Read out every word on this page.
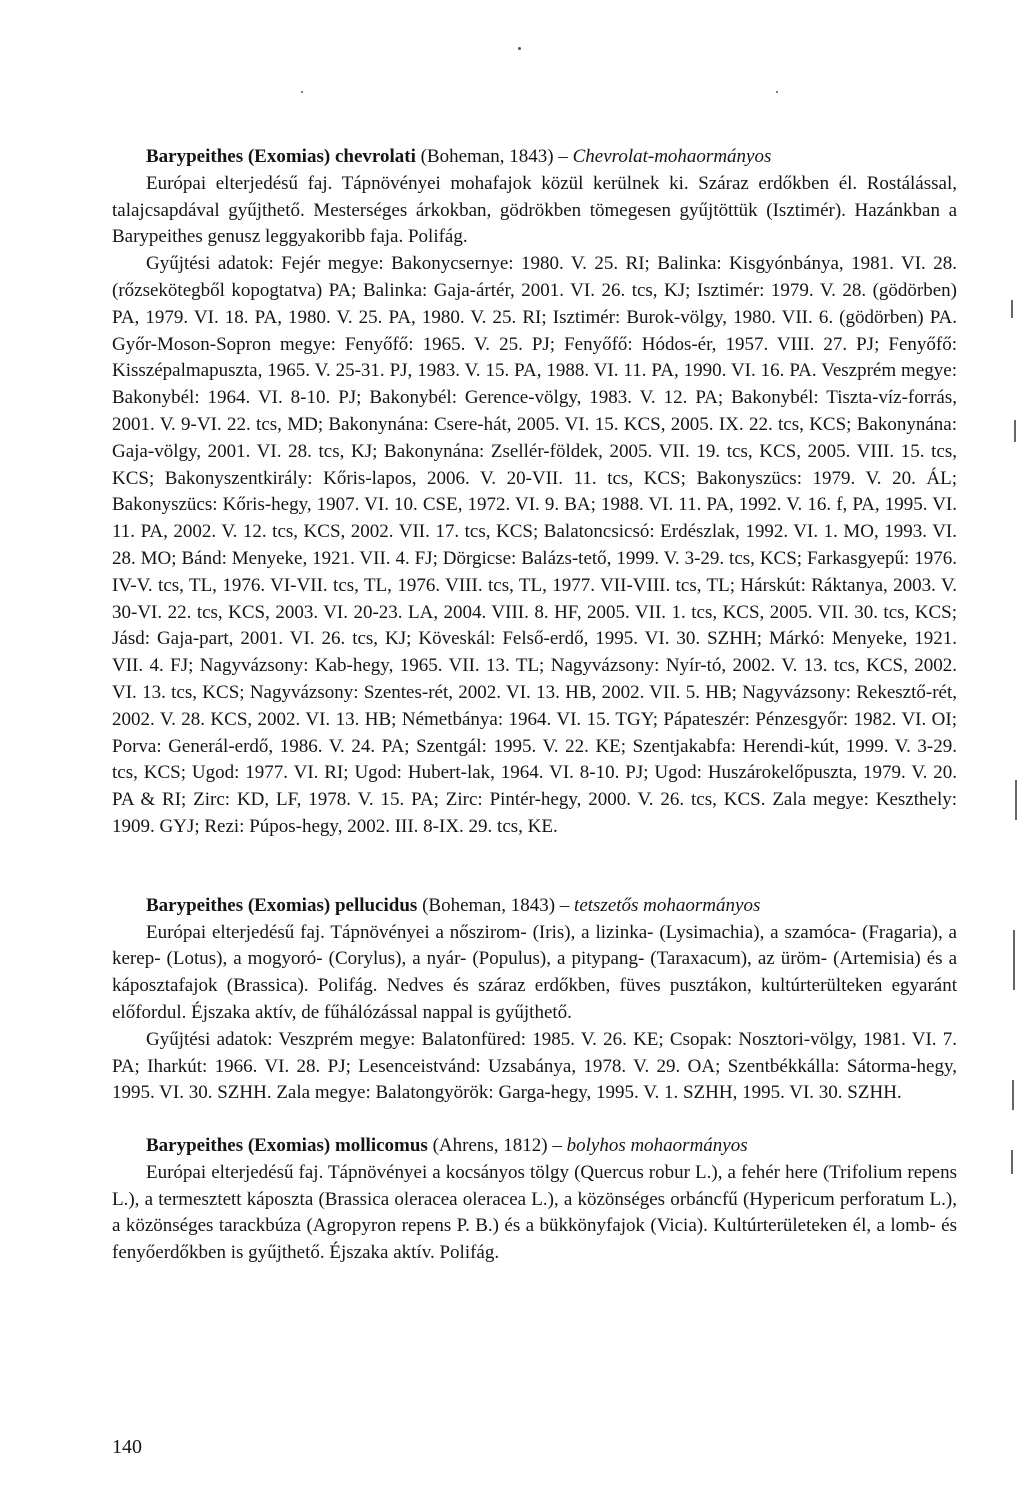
Barypeithes (Exomias) chevrolati (Boheman, 1843) – Chevrolat-mohaormányos

Európai elterjedésű faj. Tápnövényei mohafajok közül kerülnek ki. Száraz erdőkben él. Rostálással, talajcsapdával gyűjthető. Mesterséges árkokban, gödrökben tömegesen gyűjtöttük (Isztimér). Hazánkban a Barypeithes genusz leggyakoribb faja. Polifág.

Gyűjtési adatok: Fejér megye: Bakonycsernye: 1980. V. 25. RI; Balinka: Kisgyónbánya, 1981. VI. 28. (rőzsekötegből kopogtatva) PA; Balinka: Gaja-ártér, 2001. VI. 26. tcs, KJ; Isztimér: 1979. V. 28. (gödörben) PA, 1979. VI. 18. PA, 1980. V. 25. PA, 1980. V. 25. RI; Isztimér: Burok-völgy, 1980. VII. 6. (gödörben) PA. Győr-Moson-Sopron megye: Fenyőfő: 1965. V. 25. PJ; Fenyőfő: Hódos-ér, 1957. VIII. 27. PJ; Fenyőfő: Kisszépalmapuszta, 1965. V. 25-31. PJ, 1983. V. 15. PA, 1988. VI. 11. PA, 1990. VI. 16. PA. Veszprém megye: Bakonybél: 1964. VI. 8-10. PJ; Bakonybél: Gerence-völgy, 1983. V. 12. PA; Bakonybél: Tiszta-víz-forrás, 2001. V. 9-VI. 22. tcs, MD; Bakonynána: Csere-hát, 2005. VI. 15. KCS, 2005. IX. 22. tcs, KCS; Bakonynána: Gaja-völgy, 2001. VI. 28. tcs, KJ; Bakonynána: Zsellér-földek, 2005. VII. 19. tcs, KCS, 2005. VIII. 15. tcs, KCS; Bakonyszentkirály: Kőris-lapos, 2006. V. 20-VII. 11. tcs, KCS; Bakonyszücs: 1979. V. 20. ÁL; Bakonyszücs: Kőris-hegy, 1907. VI. 10. CSE, 1972. VI. 9. BA; 1988. VI. 11. PA, 1992. V. 16. f, PA, 1995. VI. 11. PA, 2002. V. 12. tcs, KCS, 2002. VII. 17. tcs, KCS; Balatoncsicsó: Erdészlak, 1992. VI. 1. MO, 1993. VI. 28. MO; Bánd: Menyeke, 1921. VII. 4. FJ; Dörgicse: Balázs-tető, 1999. V. 3-29. tcs, KCS; Farkasgyepű: 1976. IV-V. tcs, TL, 1976. VI-VII. tcs, TL, 1976. VIII. tcs, TL, 1977. VII-VIII. tcs, TL; Hárskút: Ráktanya, 2003. V. 30-VI. 22. tcs, KCS, 2003. VI. 20-23. LA, 2004. VIII. 8. HF, 2005. VII. 1. tcs, KCS, 2005. VII. 30. tcs, KCS; Jásd: Gaja-part, 2001. VI. 26. tcs, KJ; Köveskál: Felső-erdő, 1995. VI. 30. SZHH; Márkó: Menyeke, 1921. VII. 4. FJ; Nagyvázsony: Kab-hegy, 1965. VII. 13. TL; Nagyvázsony: Nyír-tó, 2002. V. 13. tcs, KCS, 2002. VI. 13. tcs, KCS; Nagyvázsony: Szentes-rét, 2002. VI. 13. HB, 2002. VII. 5. HB; Nagyvázsony: Rekesztő-rét, 2002. V. 28. KCS, 2002. VI. 13. HB; Németbánya: 1964. VI. 15. TGY; Pápateszér: Pénzesgyőr: 1982. VI. OI; Porva: Generál-erdő, 1986. V. 24. PA; Szentgál: 1995. V. 22. KE; Szentjakabfa: Herendi-kút, 1999. V. 3-29. tcs, KCS; Ugod: 1977. VI. RI; Ugod: Hubert-lak, 1964. VI. 8-10. PJ; Ugod: Huszárokelőpuszta, 1979. V. 20. PA & RI; Zirc: KD, LF, 1978. V. 15. PA; Zirc: Pintér-hegy, 2000. V. 26. tcs, KCS. Zala megye: Keszthely: 1909. GYJ; Rezi: Púpos-hegy, 2002. III. 8-IX. 29. tcs, KE.

Barypeithes (Exomias) pellucidus (Boheman, 1843) – tetszetős mohaormányos

Európai elterjedésű faj. Tápnövényei a nőszirom- (Iris), a lizinka- (Lysimachia), a szamóca- (Fragaria), a kerep- (Lotus), a mogyoró- (Corylus), a nyár- (Populus), a pitypang- (Taraxacum), az üröm- (Artemisia) és a káposztafajok (Brassica). Polifág. Nedves és száraz erdőkben, füves pusztákon, kultúrterülteken egyaránt előfordul. Éjszaka aktív, de fűhálózással nappal is gyűjthető.

Gyűjtési adatok: Veszprém megye: Balatonfüred: 1985. V. 26. KE; Csopak: Nosztori-völgy, 1981. VI. 7. PA; Iharkút: 1966. VI. 28. PJ; Lesenceistvánd: Uzsabánya, 1978. V. 29. OA; Szentbékkálla: Sátorma-hegy, 1995. VI. 30. SZHH. Zala megye: Balatongyörök: Garga-hegy, 1995. V. 1. SZHH, 1995. VI. 30. SZHH.

Barypeithes (Exomias) mollicomus (Ahrens, 1812) – bolyhos mohaormányos

Európai elterjedésű faj. Tápnövényei a kocsányos tölgy (Quercus robur L.), a fehér here (Trifolium repens L.), a termesztett káposzta (Brassica oleracea oleracea L.), a közönséges orbáncfű (Hypericum perforatum L.), a közönséges tarackbúza (Agropyron repens P. B.) és a bükkönyfajok (Vicia). Kultúrterületeken él, a lomb- és fenyőerdőkben is gyűjthető. Éjszaka aktív. Polifág.

140
